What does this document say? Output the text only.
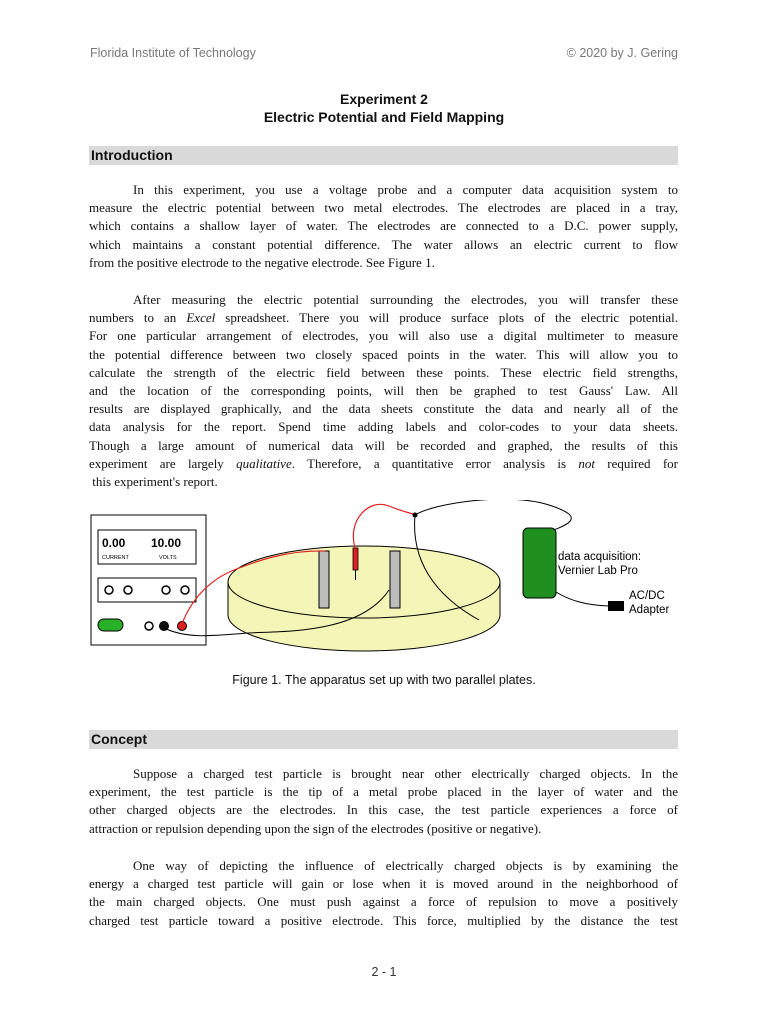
Florida Institute of Technology	© 2020 by J. Gering
Experiment 2
Electric Potential and Field Mapping
Introduction
In this experiment, you use a voltage probe and a computer data acquisition system to
measure the electric potential between two metal electrodes. The electrodes are placed in a tray,
which contains a shallow layer of water. The electrodes are connected to a D.C. power supply,
which maintains a constant potential difference. The water allows an electric current to flow
from the positive electrode to the negative electrode. See Figure 1.
After measuring the electric potential surrounding the electrodes, you will transfer these
numbers to an Excel spreadsheet. There you will produce surface plots of the electric potential.
For one particular arrangement of electrodes, you will also use a digital multimeter to measure
the potential difference between two closely spaced points in the water. This will allow you to
calculate the strength of the electric field between these points. These electric field strengths,
and the location of the corresponding points, will then be graphed to test Gauss' Law. All
results are displayed graphically, and the data sheets constitute the data and nearly all of the
data analysis for the report. Spend time adding labels and color-codes to your data sheets.
Though a large amount of numerical data will be recorded and graphed, the results of this
experiment are largely qualitative. Therefore, a quantitative error analysis is not required for
this experiment's report.
0.00 10.00
CURRENT	VOLTS	data acquisition:
Vernier Lab Pro
AC/DC
Adapter
Figure 1. The apparatus set up with two parallel plates.
Concept
Suppose a charged test particle is brought near other electrically charged objects. In the
experiment, the test particle is the tip of a metal probe placed in the layer of water and the
other charged objects are the electrodes. In this case, the test particle experiences a force of
attraction or repulsion depending upon the sign of the electrodes (positive or negative).
One way of depicting the influence of electrically charged objects is by examining the
energy a charged test particle will gain or lose when it is moved around in the neighborhood of
the main charged objects. One must push against a force of repulsion to move a positively
charged test particle toward a positive electrode. This force, multiplied by the distance the test
2 - 1
